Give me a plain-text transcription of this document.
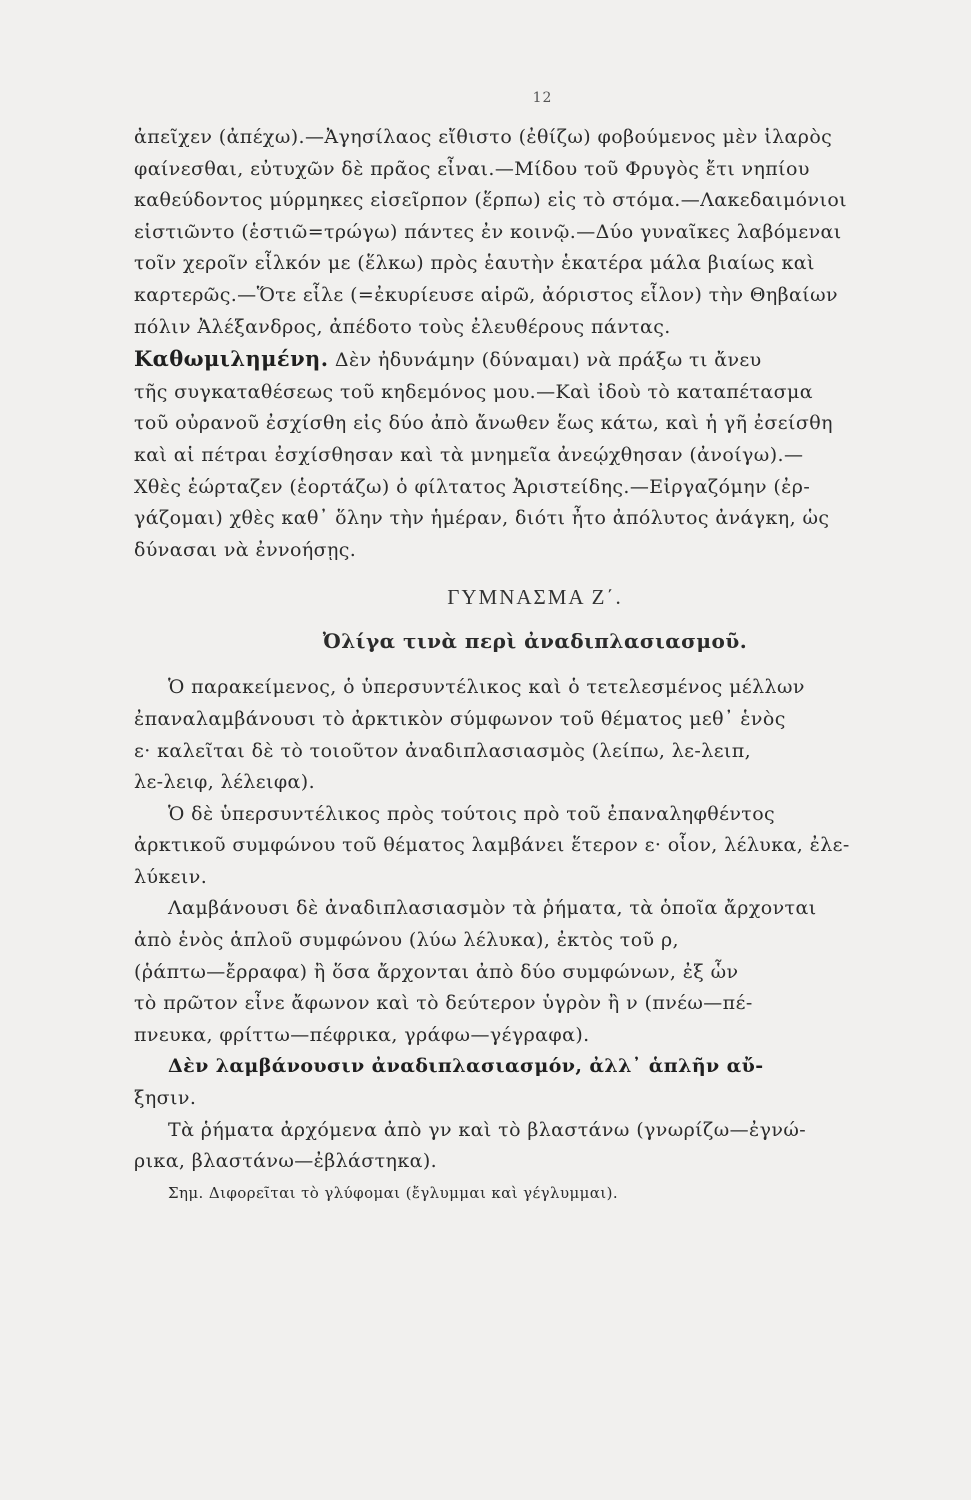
12

ἀπεῖχεν (ἀπέχω).—Ἀγησίλαος εἴθιστο (ἐθίζω) φοβούμενος μὲν ἱλαρὸς

φαίνεσθαι, εὐτυχῶν δὲ πρᾶος εἶναι.—Μίδου τοῦ Φρυγὸς ἔτι νηπίου

καθεύδοντος μύρμηκες εἰσεῖρπον (ἕρπω) εἰς τὸ στόμα.—Λακεδαιμόνιοι

εἱστιῶντο (ἑστιῶ=τρώγω) πάντες ἐν κοινῷ.—Δύο γυναῖκες λαβόμεναι

τοῖν χεροῖν εἷλκόν με (ἕλκω) πρὸς ἑαυτὴν ἑκατέρα μάλα βιαίως καὶ

καρτερῶς.—Ὅτε εἷλε (=ἐκυρίευσε αἱρῶ, ἀόριστος εἷλον) τὴν Θηβαίων

πόλιν Ἀλέξανδρος, ἀπέδοτο τοὺς ἐλευθέρους πάντας.

Καθωμιλημένη. Δὲν ἠδυνάμην (δύναμαι) νὰ πράξω τι ἄνευ

τῆς συγκαταθέσεως τοῦ κηδεμόνος μου.—Καὶ ἰδοὺ τὸ καταπέτασμα

τοῦ οὐρανοῦ ἐσχίσθη εἰς δύο ἀπὸ ἄνωθεν ἕως κάτω, καὶ ἡ γῆ ἐσείσθη

καὶ αἱ πέτραι ἐσχίσθησαν καὶ τὰ μνημεῖα ἀνεῴχθησαν (ἀνοίγω).—

Χθὲς ἑώρταζεν (ἑορτάζω) ὁ φίλτατος Ἀριστείδης.—Εἰργαζόμην (ἐρ-

γάζομαι) χθὲς καθ᾽ ὅλην τὴν ἡμέραν, διότι ἦτο ἀπόλυτος ἀνάγκη, ὡς

δύνασαι νὰ ἐννοήσῃς.

ΓΥΜΝΑΣΜΑ Ζ΄.
Ὀλίγα τινὰ περὶ ἀναδιπλασιασμοῦ.

Ὁ παρακείμενος, ὁ ὑπερσυντέλικος καὶ ὁ τετελεσμένος μέλλων

ἐπαναλαμβάνουσι τὸ ἀρκτικὸν σύμφωνον τοῦ θέματος μεθ᾽ ἑνὸς

ε· καλεῖται δὲ τὸ τοιοῦτον ἀναδιπλασιασμὸς (λείπω, λε-λειπ,

λε-λειφ, λέλειφα).

Ὁ δὲ ὑπερσυντέλικος πρὸς τούτοις πρὸ τοῦ ἐπαναληφθέντος

ἀρκτικοῦ συμφώνου τοῦ θέματος λαμβάνει ἕτερον ε· οἷον, λέλυκα, ἐλε-

λύκειν.

Λαμβάνουσι δὲ ἀναδιπλασιασμὸν τὰ ῥήματα, τὰ ὁποῖα ἄρχονται

ἀπὸ ἑνὸς ἁπλοῦ συμφώνου (λύω λέλυκα), ἐκτὸς τοῦ ρ,

(ῥάπτω—ἔρραφα) ἢ ὅσα ἄρχονται ἀπὸ δύο συμφώνων, ἐξ ὧν

τὸ πρῶτον εἶνε ἄφωνον καὶ τὸ δεύτερον ὑγρὸν ἢ ν (πνέω—πέ-

πνευκα, φρίττω—πέφρικα, γράφω—γέγραφα).

Δὲν λαμβάνουσιν ἀναδιπλασιασμόν, ἀλλ᾽ ἁπλῆν αὔ-

ξησιν.

Τὰ ῥήματα ἀρχόμενα ἀπὸ γν καὶ τὸ βλαστάνω (γνωρίζω—ἐγνώ-

ρικα, βλαστάνω—ἐβλάστηκα).

Σημ. Διφορεῖται τὸ γλύφομαι (ἔγλυμμαι καὶ γέγλυμμαι).
